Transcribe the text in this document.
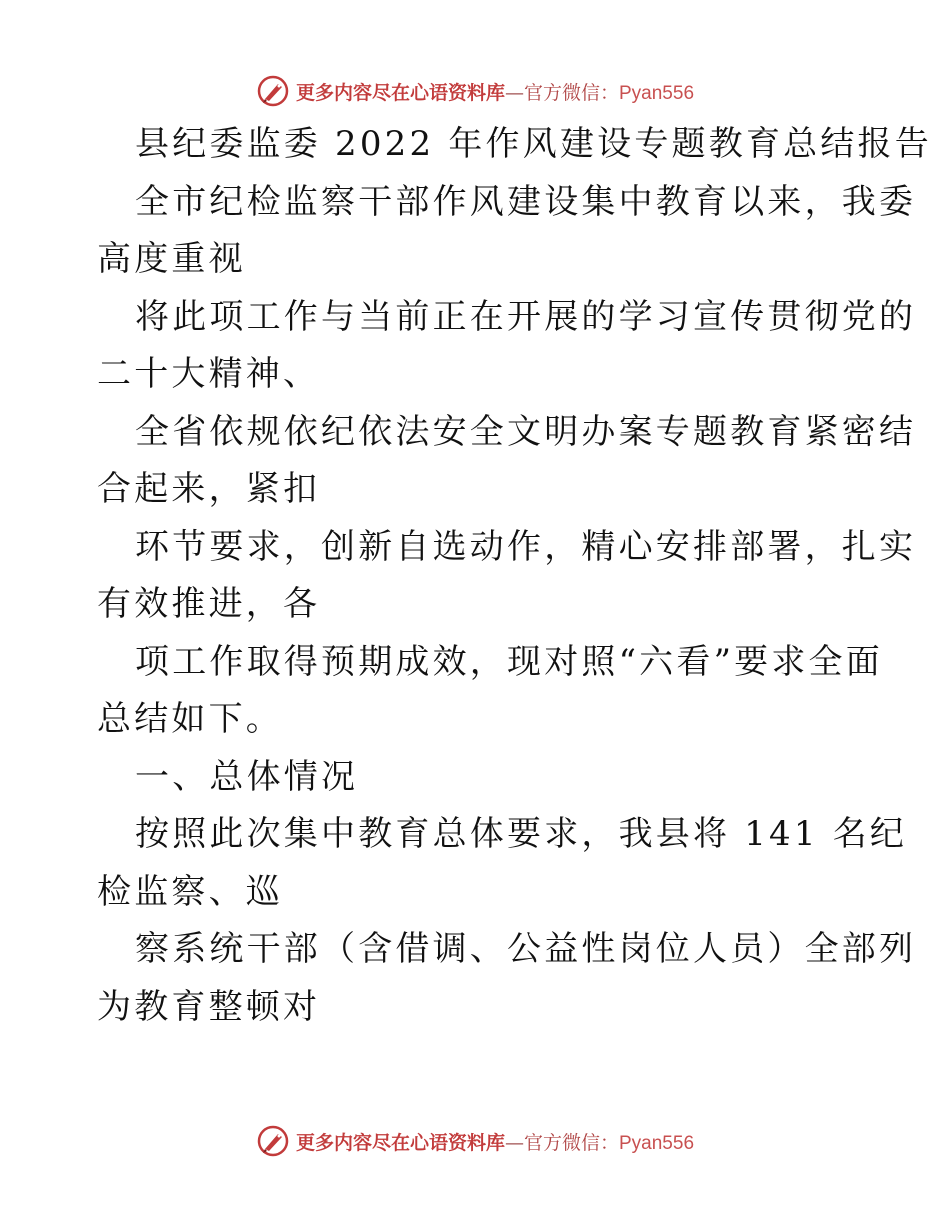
更多内容尽在心语资料库—官方微信：Pyan556
县纪委监委 2022 年作风建设专题教育总结报告
全市纪检监察干部作风建设集中教育以来，我委
高度重视
将此项工作与当前正在开展的学习宣传贯彻党的
二十大精神、
全省依规依纪依法安全文明办案专题教育紧密结
合起来，紧扣
环节要求，创新自选动作，精心安排部署，扎实
有效推进，各
项工作取得预期成效，现对照“六看”要求全面
总结如下。
一、总体情况
按照此次集中教育总体要求，我县将 141 名纪
检监察、巡
察系统干部（含借调、公益性岗位人员）全部列
为教育整顿对
更多内容尽在心语资料库—官方微信：Pyan556
